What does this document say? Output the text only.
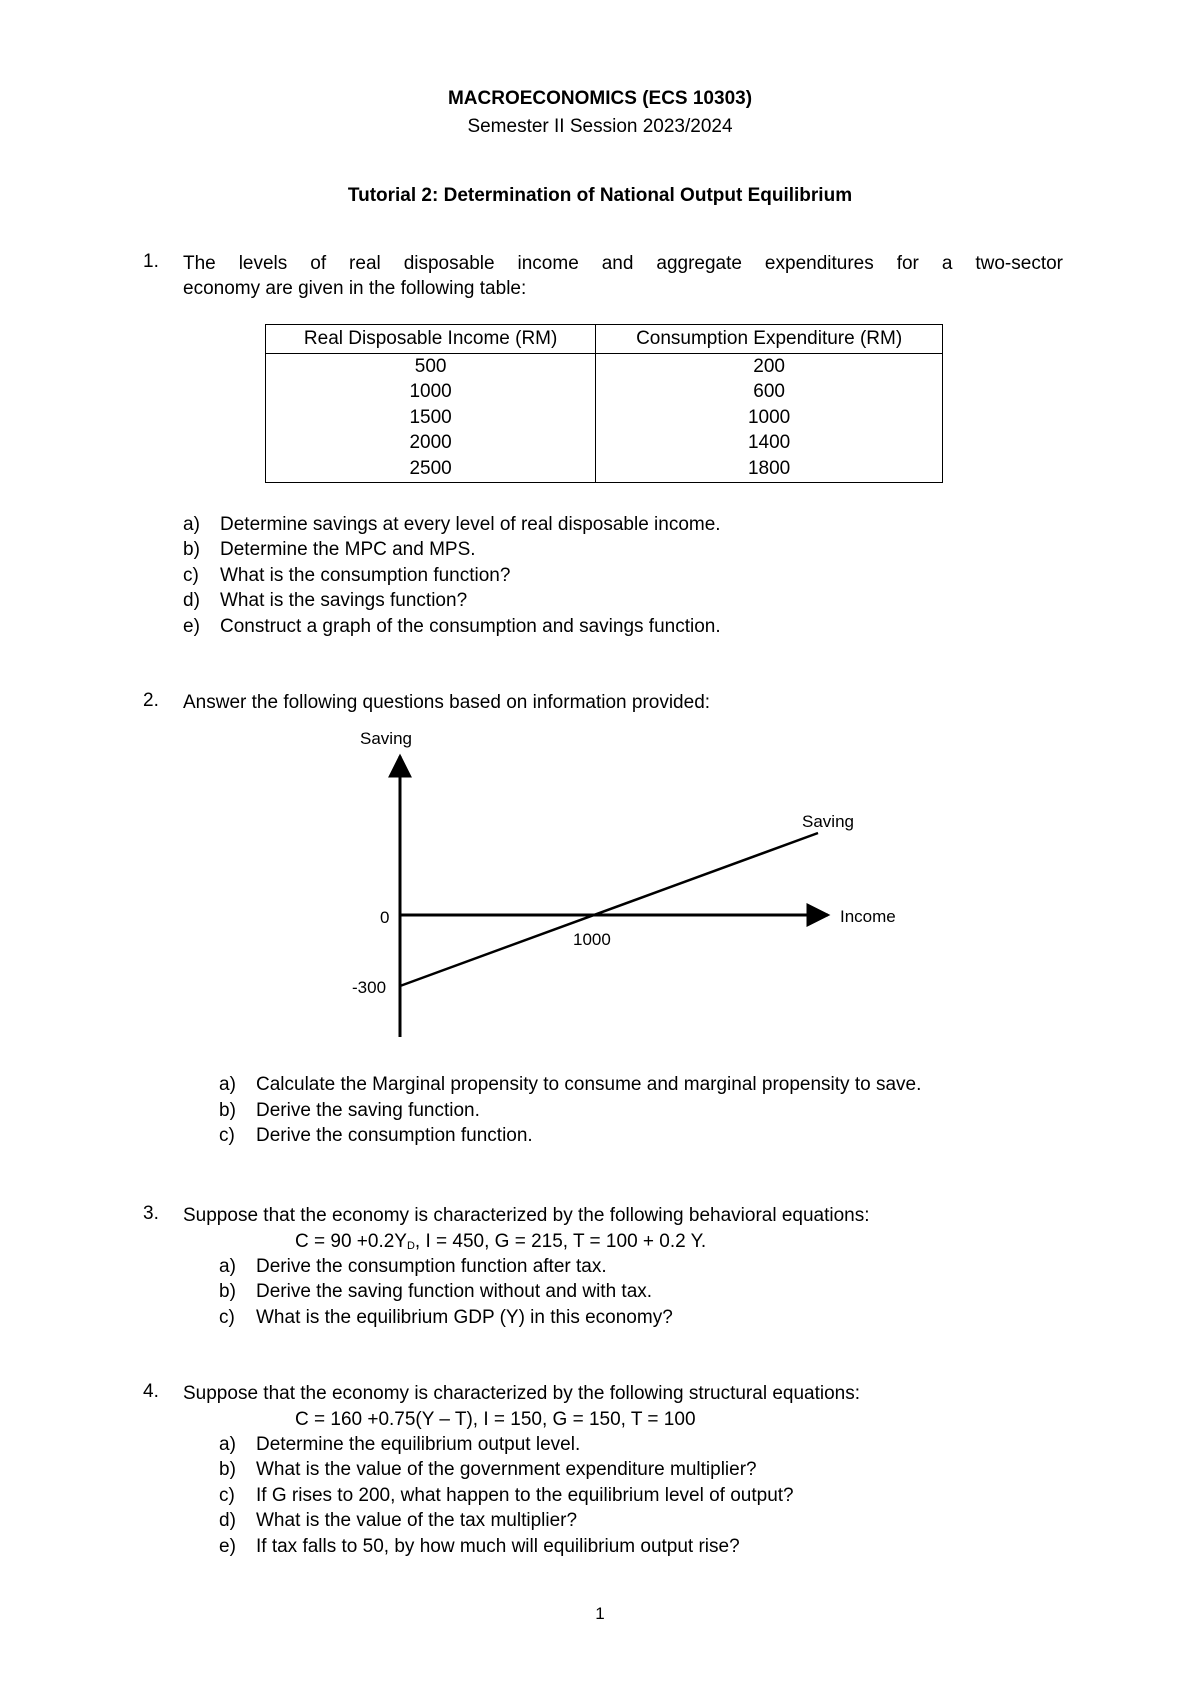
MACROECONOMICS (ECS 10303)
Semester II Session 2023/2024
Tutorial 2: Determination of National Output Equilibrium
1. The levels of real disposable income and aggregate expenditures for a two-sector
economy are given in the following table:
Real Disposable Income (RM)	Consumption Expenditure (RM)
500	200
1000	600
1500	1000
2000	1400
2500	1800
a) Determine savings at every level of real disposable income.
b) Determine the MPC and MPS.
c) What is the consumption function?
d) What is the savings function?
e) Construct a graph of the consumption and savings function.
2. Answer the following questions based on information provided:
Saving
Saving
Income
0
-300
1000
a) Calculate the Marginal propensity to consume and marginal propensity to save.
b) Derive the saving function.
c) Derive the consumption function.
3. Suppose that the economy is characterized by the following behavioral equations:
$C = 90 +0.2Y_D$, I = 450, G = 215, T = 100 + 0.2 Y.
a) Derive the consumption function after tax.
b) Derive the saving function without and with tax.
c) What is the equilibrium GDP (Y) in this economy?
4. Suppose that the economy is characterized by the following structural equations:
C = 160 +0.75(Y – T), I = 150, G = 150, T = 100
a) Determine the equilibrium output level.
b) What is the value of the government expenditure multiplier?
c) If G rises to 200, what happen to the equilibrium level of output?
d) What is the value of the tax multiplier?
e) If tax falls to 50, by how much will equilibrium output rise?
1
